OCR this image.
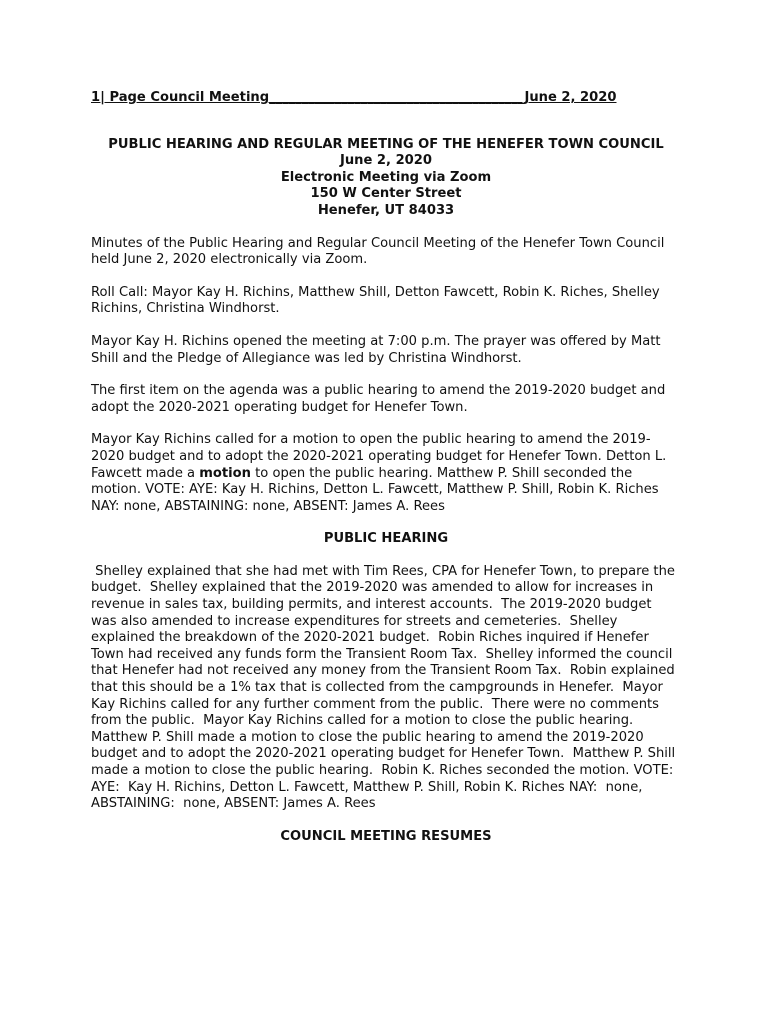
1| Page Council Meeting_______________________________________June 2, 2020
PUBLIC HEARING AND REGULAR MEETING OF THE HENEFER TOWN COUNCIL
June 2, 2020
Electronic Meeting via Zoom
150 W Center Street
Henefer, UT 84033

Minutes of the Public Hearing and Regular Council Meeting of the Henefer Town Council held June 2, 2020 electronically via Zoom.

Roll Call: Mayor Kay H. Richins, Matthew Shill, Detton Fawcett, Robin K. Riches, Shelley Richins, Christina Windhorst.

Mayor Kay H. Richins opened the meeting at 7:00 p.m. The prayer was offered by Matt Shill and the Pledge of Allegiance was led by Christina Windhorst.

The first item on the agenda was a public hearing to amend the 2019-2020 budget and adopt the 2020-2021 operating budget for Henefer Town.

Mayor Kay Richins called for a motion to open the public hearing to amend the 2019-2020 budget and to adopt the 2020-2021 operating budget for Henefer Town. Detton L. Fawcett made a motion to open the public hearing. Matthew P. Shill seconded the motion. VOTE: AYE: Kay H. Richins, Detton L. Fawcett, Matthew P. Shill, Robin K. Riches NAY: none, ABSTAINING: none, ABSENT: James A. Rees

PUBLIC HEARING

Shelley explained that she had met with Tim Rees, CPA for Henefer Town, to prepare the budget.  Shelley explained that the 2019-2020 was amended to allow for increases in revenue in sales tax, building permits, and interest accounts.  The 2019-2020 budget was also amended to increase expenditures for streets and cemeteries.  Shelley explained the breakdown of the 2020-2021 budget.  Robin Riches inquired if Henefer Town had received any funds form the Transient Room Tax.  Shelley informed the council that Henefer had not received any money from the Transient Room Tax.  Robin explained that this should be a 1% tax that is collected from the campgrounds in Henefer.  Mayor Kay Richins called for any further comment from the public.  There were no comments from the public.  Mayor Kay Richins called for a motion to close the public hearing.  Matthew P. Shill made a motion to close the public hearing to amend the 2019-2020 budget and to adopt the 2020-2021 operating budget for Henefer Town.  Matthew P. Shill made a motion to close the public hearing.  Robin K. Riches seconded the motion. VOTE:  AYE:  Kay H. Richins, Detton L. Fawcett, Matthew P. Shill, Robin K. Riches NAY:  none, ABSTAINING:  none, ABSENT: James A. Rees

COUNCIL MEETING RESUMES
